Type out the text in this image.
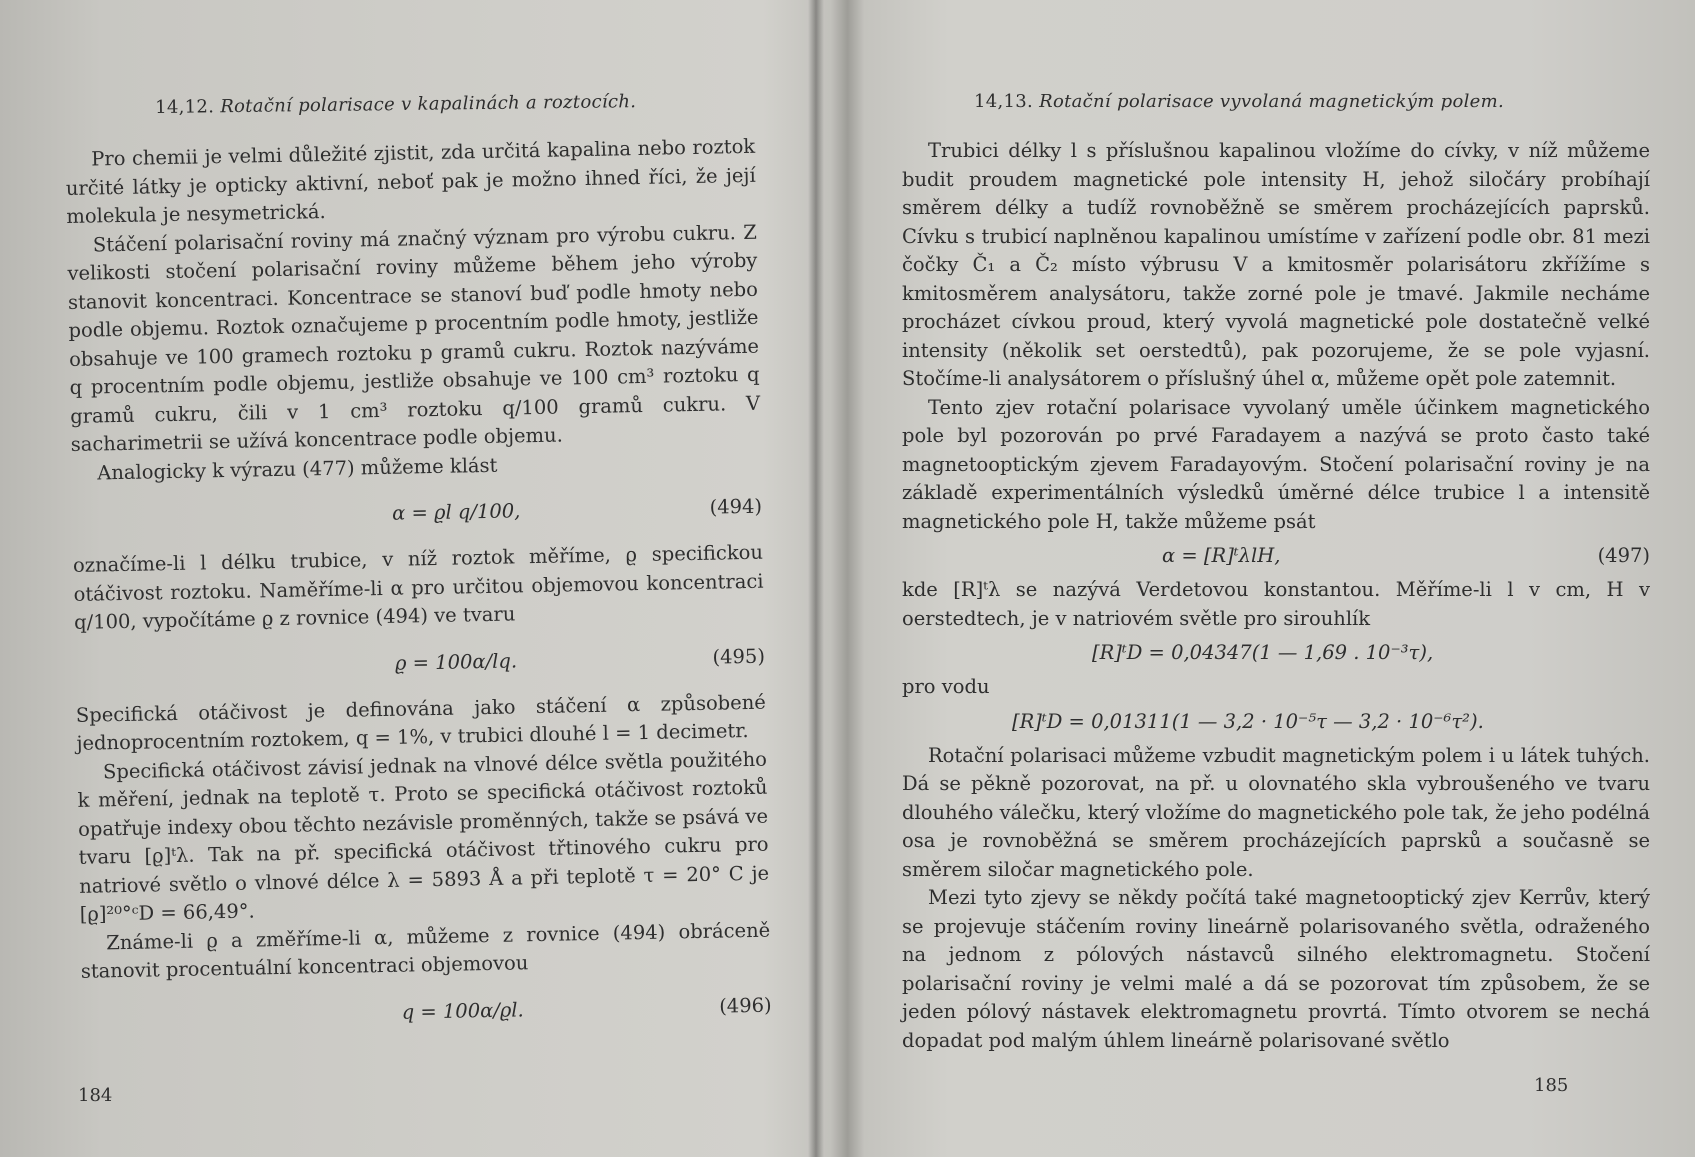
14,12. Rotační polarisace v kapalinách a roztocích.

Pro chemii je velmi důležité zjistit, zda určitá kapalina nebo roztok určité látky je opticky aktivní, neboť pak je možno ihned říci, že její molekula je nesymetrická.

Stáčení polarisační roviny má značný význam pro výrobu cukru. Z velikosti stočení polarisační roviny můžeme během jeho výroby stanovit koncentraci. Koncentrace se stanoví buď podle hmoty nebo podle objemu. Roztok označujeme p procentním podle hmoty, jestliže obsahuje ve 100 gramech roztoku p gramů cukru. Roztok nazýváme q procentním podle objemu, jestliže obsahuje ve 100 cm³ roztoku q gramů cukru, čili v 1 cm³ roztoku q/100 gramů cukru. V sacharimetrii se užívá koncentrace podle objemu.

Analogicky k výrazu (477) můžeme klást

α = ϱl q/100,	(494)

označíme-li l délku trubice, v níž roztok měříme, ϱ specifickou otáčivost roztoku. Naměříme-li α pro určitou objemovou koncentraci q/100, vypočítáme ϱ z rovnice (494) ve tvaru

ϱ = 100α/lq.	(495)

Specifická otáčivost je definována jako stáčení α způsobené jednoprocentním roztokem, q = 1%, v trubici dlouhé l = 1 decimetr.

Specifická otáčivost závisí jednak na vlnové délce světla použitého k měření, jednak na teplotě τ. Proto se specifická otáčivost roztoků opatřuje indexy obou těchto nezávisle proměnných, takže se psává ve tvaru [ϱ]ᵗλ. Tak na př. specifická otáčivost třtinového cukru pro natriové světlo o vlnové délce λ = 5893 Å a při teplotě τ = 20° C je [ϱ]²⁰°ᶜD = 66,49°.

Známe-li ϱ a změříme-li α, můžeme z rovnice (494) obráceně stanovit procentuální koncentraci objemovou

q = 100α/ϱl.	(496)
184
14,13. Rotační polarisace vyvolaná magnetickým polem.

Trubici délky l s příslušnou kapalinou vložíme do cívky, v níž můžeme budit proudem magnetické pole intensity H, jehož siločáry probíhají směrem délky a tudíž rovnoběžně se směrem procházejících paprsků. Cívku s trubicí naplněnou kapalinou umístíme v zařízení podle obr. 81 mezi čočky Č₁ a Č₂ místo výbrusu V a kmitosměr polarisátoru zkřížíme s kmitosměrem analysátoru, takže zorné pole je tmavé. Jakmile necháme procházet cívkou proud, který vyvolá magnetické pole dostatečně velké intensity (několik set oerstedtů), pak pozorujeme, že se pole vyjasní. Stočíme-li analysátorem o příslušný úhel α, můžeme opět pole zatemnit.

Tento zjev rotační polarisace vyvolaný uměle účinkem magnetického pole byl pozorován po prvé Faradayem a nazývá se proto často také magnetooptickým zjevem Faradayovým. Stočení polarisační roviny je na základě experimentálních výsledků úměrné délce trubice l a intensitě magnetického pole H, takže můžeme psát

α = [R]ᵗλlH,	(497)

kde [R]ᵗλ se nazývá Verdetovou konstantou. Měříme-li l v cm, H v oerstedtech, je v natriovém světle pro sirouhlík

[R]ᵗD = 0,04347(1 — 1,69 . 10⁻³τ),

pro vodu

[R]ᵗD = 0,01311(1 — 3,2 · 10⁻⁵τ — 3,2 · 10⁻⁶τ²).

Rotační polarisaci můžeme vzbudit magnetickým polem i u látek tuhých. Dá se pěkně pozorovat, na př. u olovnatého skla vybroušeného ve tvaru dlouhého válečku, který vložíme do magnetického pole tak, že jeho podélná osa je rovnoběžná se směrem procházejících paprsků a současně se směrem siločar magnetického pole.

Mezi tyto zjevy se někdy počítá také magnetooptický zjev Kerrův, který se projevuje stáčením roviny lineárně polarisovaného světla, odraženého na jednom z pólových nástavců silného elektromagnetu. Stočení polarisační roviny je velmi malé a dá se pozorovat tím způsobem, že se jeden pólový nástavek elektromagnetu provrtá. Tímto otvorem se nechá dopadat pod malým úhlem lineárně polarisované světlo

185
